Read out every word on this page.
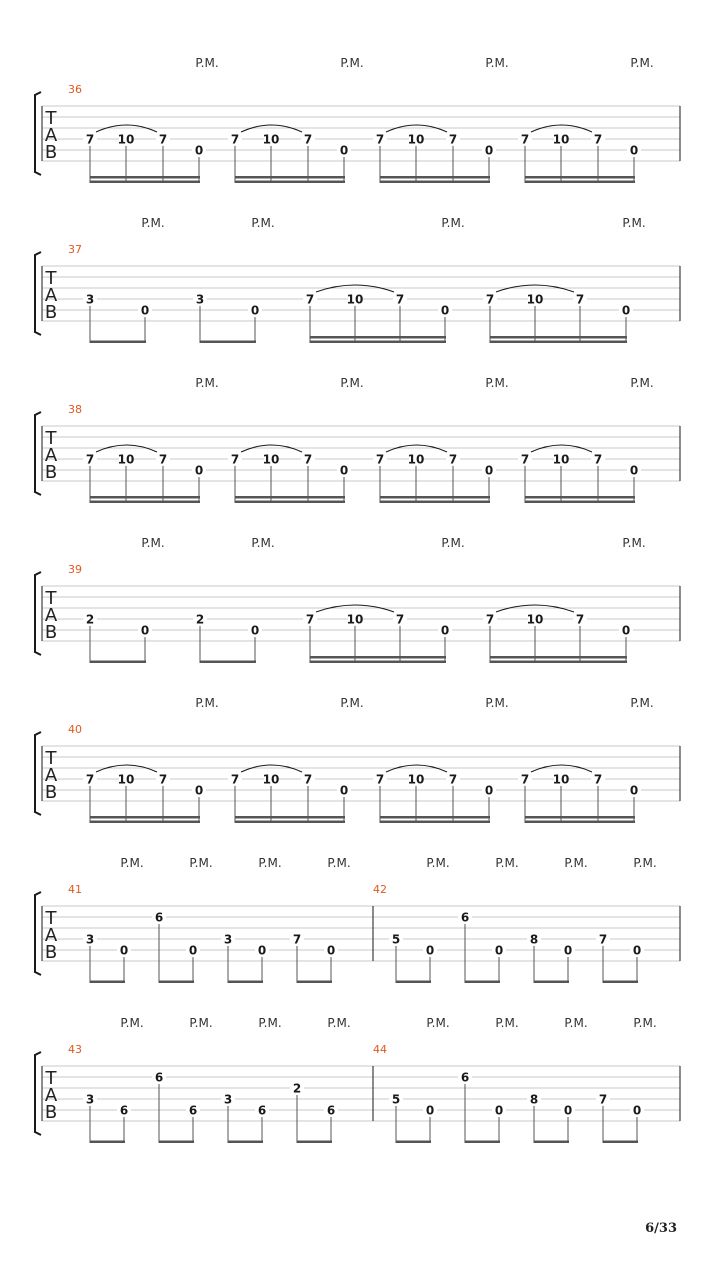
T
A
B
36
P.M.	P.M.	P.M.	P.M.
7 10 7
0
7 10 7
0
7 10 7
0
7 10 7
0
T
A
B
37
P.M.	P.M.	P.M.	P.M.
3
0
3
0
7	10	7
0
7	10	7
0
T
A
B
38
P.M.	P.M.	P.M.	P.M.
7 10 7
0
7 10 7
0
7 10 7
0
7 10 7
0
T
A
B
39
P.M.	P.M.	P.M.	P.M.
2
0
2
0
7	10	7
0
7	10	7
0
T
A
B
40
P.M.	P.M.	P.M.	P.M.
7 10 7
0
7 10 7
0
7 10 7
0
7 10 7
0
T
A
B
41	42
P.M.	P.M.	P.M.	P.M.	P.M.	P.M.	P.M.	P.M.
3
0
6
0
3
0
7
0
5
0
6
0
8
0
7
0
T
A
B
43	44
P.M.	P.M.	P.M.	P.M.	P.M.	P.M.	P.M.	P.M.
3
6
6
6
3
6
2
6
5
0
6
0
8
0
7
0
6/33
